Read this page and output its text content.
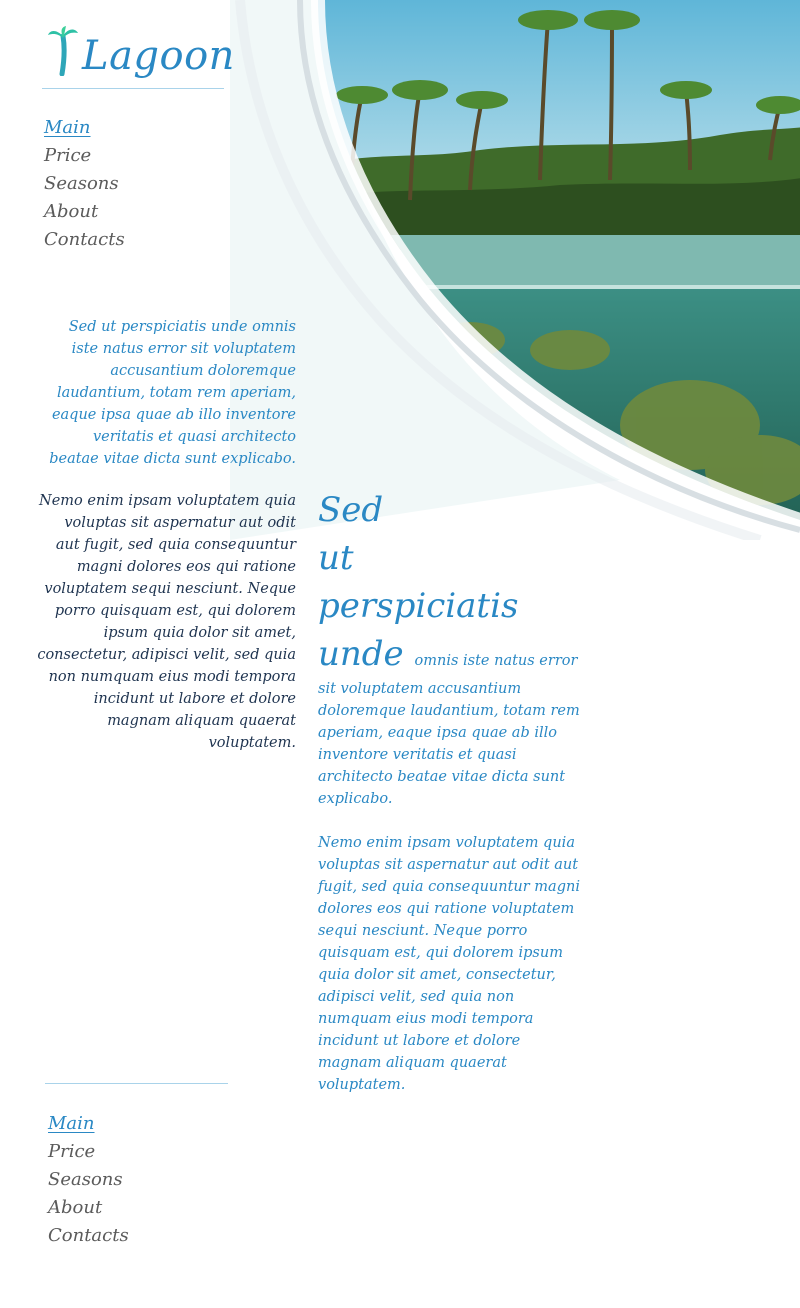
Lagoon
Main
Price
Seasons
About
Contacts

Sed ut perspiciatis unde omnis iste natus error sit voluptatem accusantium doloremque laudantium, totam rem aperiam, eaque ipsa quae ab illo inventore veritatis et quasi architecto beatae vitae dicta sunt explicabo.

Nemo enim ipsam voluptatem quia voluptas sit aspernatur aut odit aut fugit, sed quia consequuntur magni dolores eos qui ratione voluptatem sequi nesciunt. Neque porro quisquam est, qui dolorem ipsum quia dolor sit amet, consectetur, adipisci velit, sed quia non numquam eius modi tempora incidunt ut labore et dolore magnam aliquam quaerat voluptatem.

Sed
ut
perspiciatis
unde omnis iste natus error sit voluptatem accusantium doloremque laudantium, totam rem aperiam, eaque ipsa quae ab illo inventore veritatis et quasi architecto beatae vitae dicta sunt explicabo.

Nemo enim ipsam voluptatem quia voluptas sit aspernatur aut odit aut fugit, sed quia consequuntur magni dolores eos qui ratione voluptatem sequi nesciunt. Neque porro quisquam est, qui dolorem ipsum quia dolor sit amet, consectetur, adipisci velit, sed quia non numquam eius modi tempora incidunt ut labore et dolore magnam aliquam quaerat voluptatem.

Main
Price
Seasons
About
Contacts
